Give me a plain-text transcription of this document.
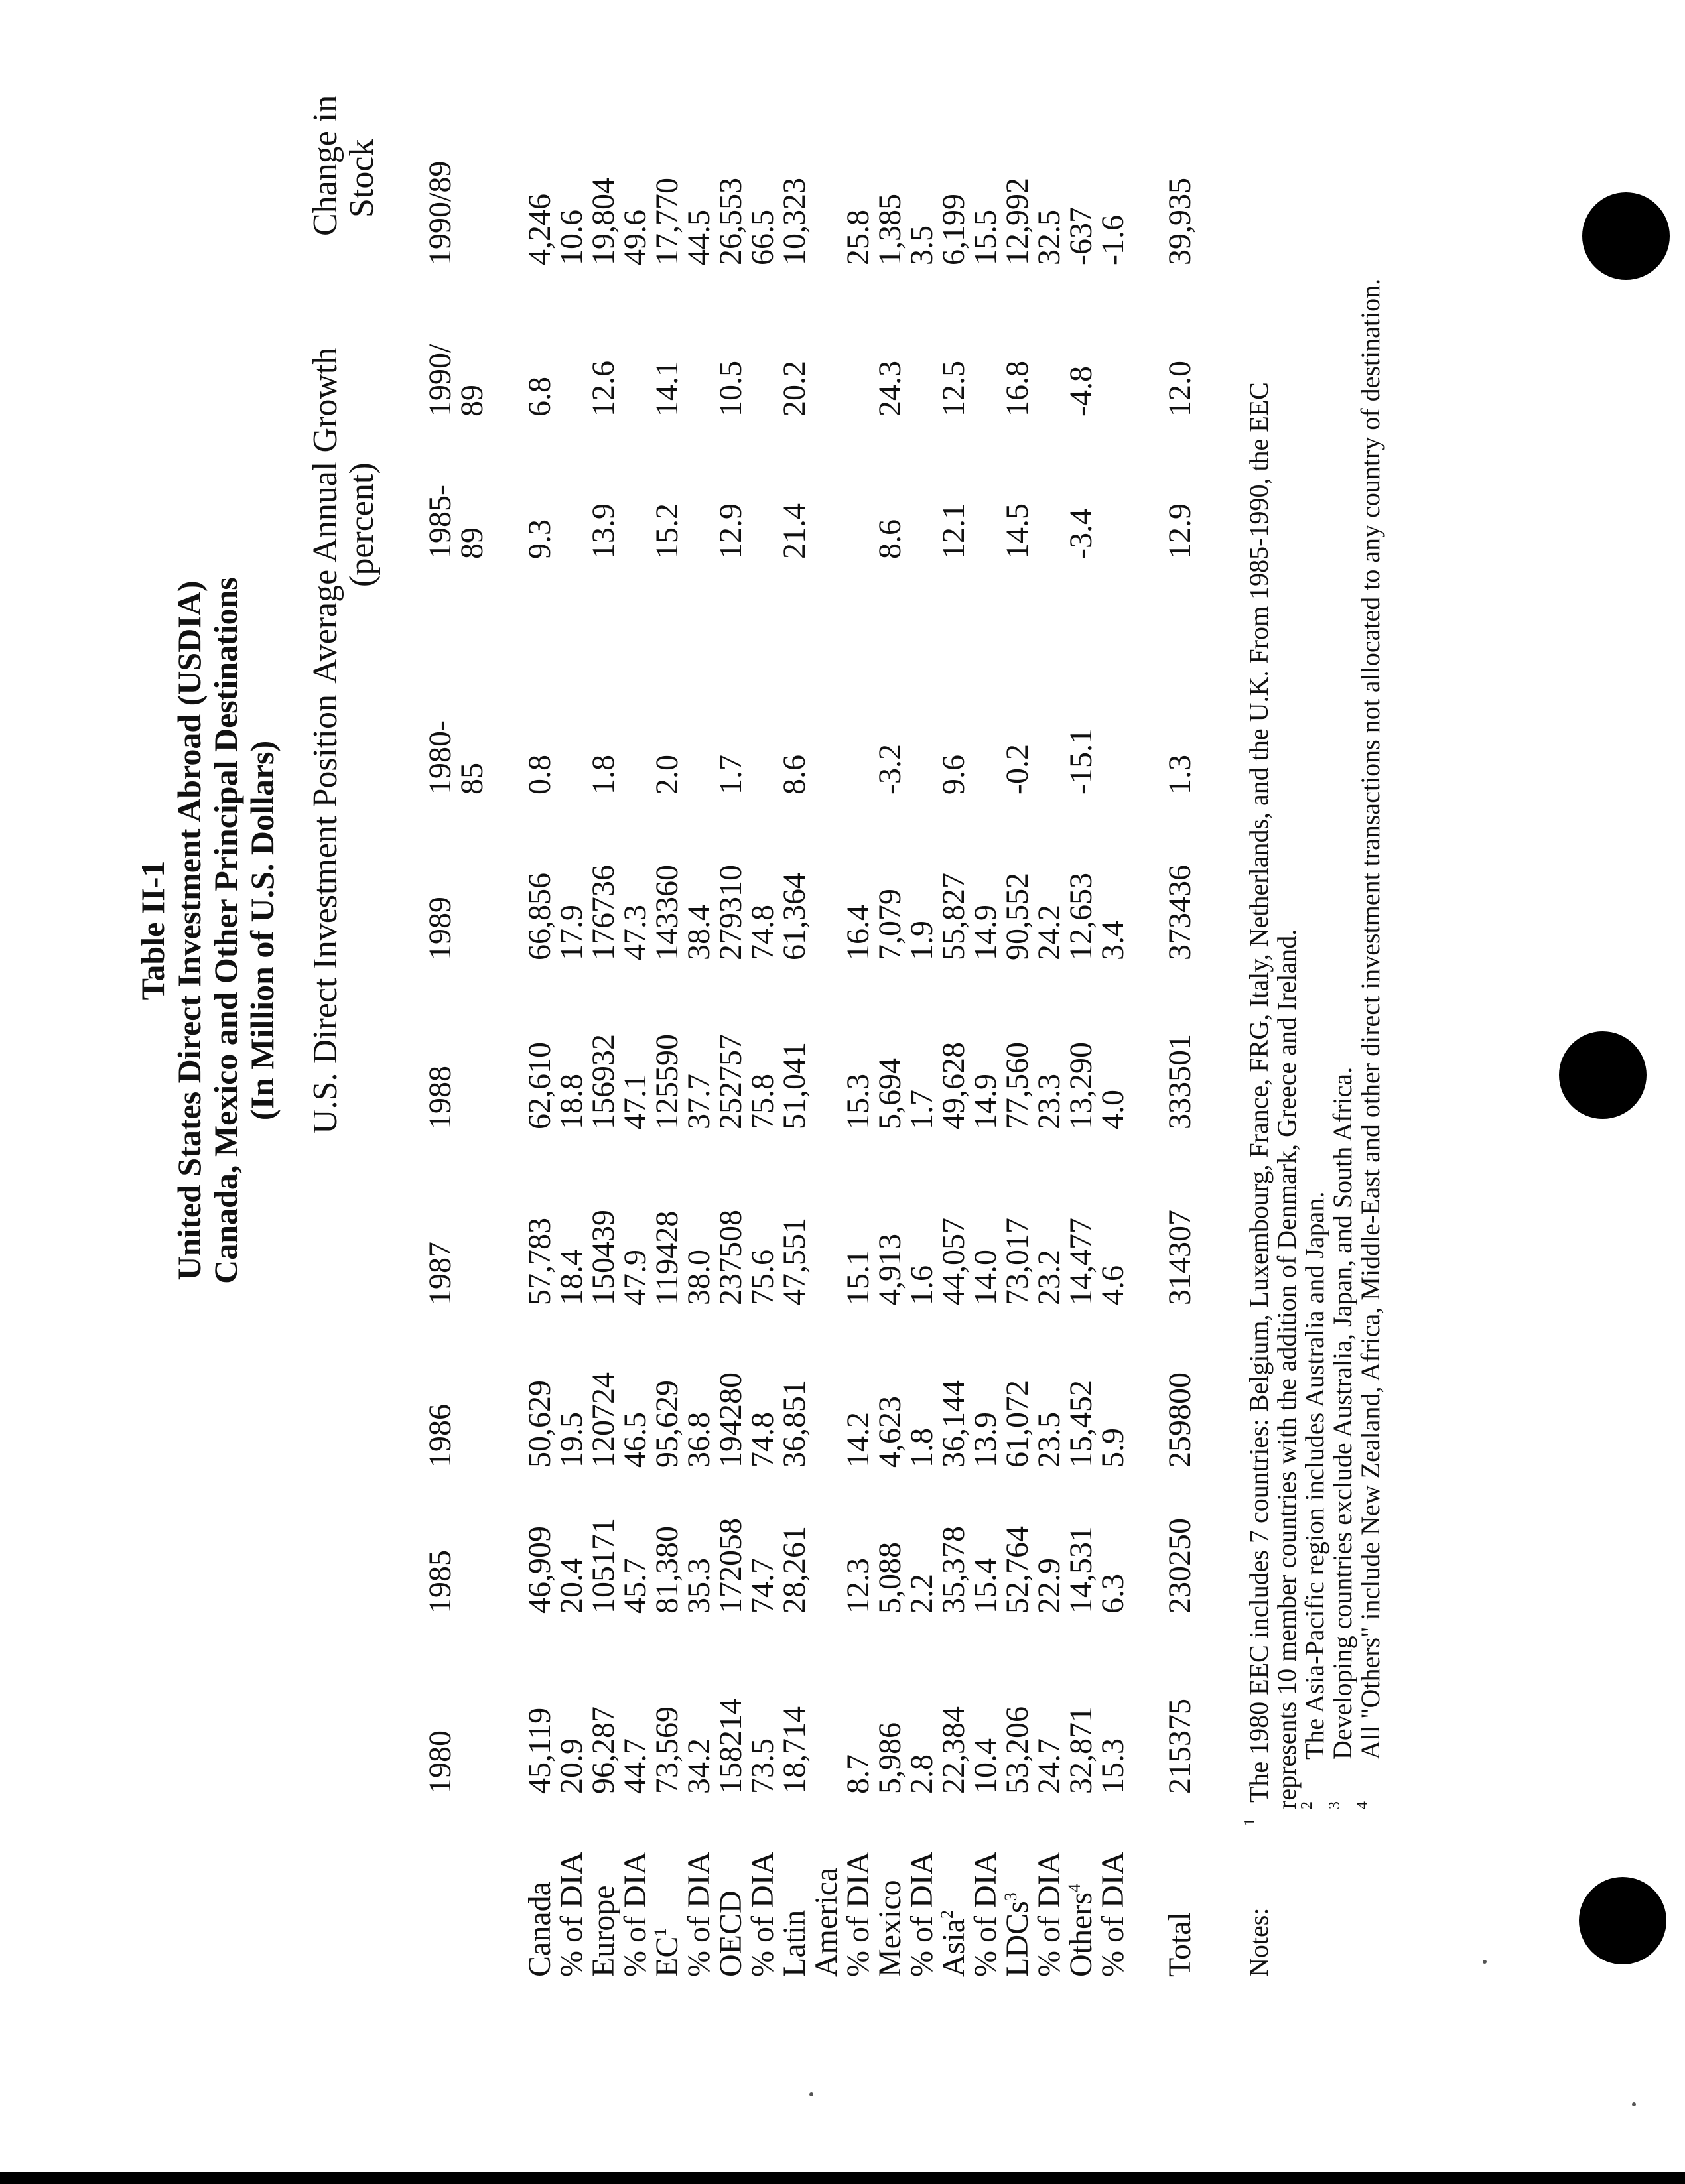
Table II-1 United States Direct Investment Abroad (USDIA) Canada, Mexico and Other Principal Destinations (In Million of U.S. Dollars) U.S. Direct Investment Position
Average Annual Growth
(percent)
Change in
Stock
1980
1985
1986
1987
1988
1989
1980-
85
1985-
89
1990/
89
1990/89
Canada
% of DIA
Europe
% of DIA
$EC^1$ % of DIA
OECD
% of DIA
Latin
America
% of DIA
Mexico
% of DIA
Asia$^2$ % of DIA
LDCs$^3$ % of DIA
Others$^4$ % of DIA Total
215375
230250
259800
314307
333501
373436
1.3
12.9
12.0
39,935
Notes:
1
The 1980 EEC includes 7 countries: Belgium, Luxembourg, France, FRG, Italy, Netherlands, and the U.K. From 1985-1990, the EEC
represents 10 member countries with the addition of Denmark, Greece and Ireland.
2
The Asia-Pacific region includes Australia and Japan.
3
Developing countries exclude Australia, Japan, and South Africa.
4
All "Others" include New Zealand, Africa, Middle-East and other direct investment transactions not allocated to any country of destination.
45,119
20.9
96,287
44.7
73,569
34.2
158214
73.5
18,714 8.7
5,986
2.8
22,384
10.4
53,206
24.7
32,871
15.3
46,909
20.4
105171
45.7
81,380
35.3
172058
74.7
28,261 12.3
5,088
2.2
35,378
15.4
52,764
22.9
14,531
6.3
50,629
19.5
120724
46.5
95,629
36.8
194280
74.8
36,851 14.2
4,623
1.8
36,144
13.9
61,072
23.5
15,452
5.9
57,783
18.4
150439
47.9
119428
38.0
237508
75.6
47,551 15.1
4,913
1.6
44,057
14.0
73,017
23.2
14,477
4.6
62,610
18.8
156932
47.1
125590
37.7
252757
75.8
51,041 15.3
5,694
1.7
49,628
14.9
77,560
23.3
13,290
4.0
66,856
17.9
176736
47.3
143360
38.4
279310
74.8
61,364 16.4
7,079
1.9
55,827
14.9
90,552
24.2
12,653
3.4
0.8 1.8 2.0 1.7 8.6 -3.2 9.6 -0.2 -15.1
9.3 13.9 15.2 12.9 21.4 8.6 12.1 14.5 -3.4
6.8 12.6 14.1 10.5 20.2 24.3 12.5 16.8 -4.8
4,246
10.6
19,804
49.6
17,770
44.5
26,553
66.5
10,323 25.8
1,385
3.5
6,199
15.5
12,992
32.5
-637
-1.6
